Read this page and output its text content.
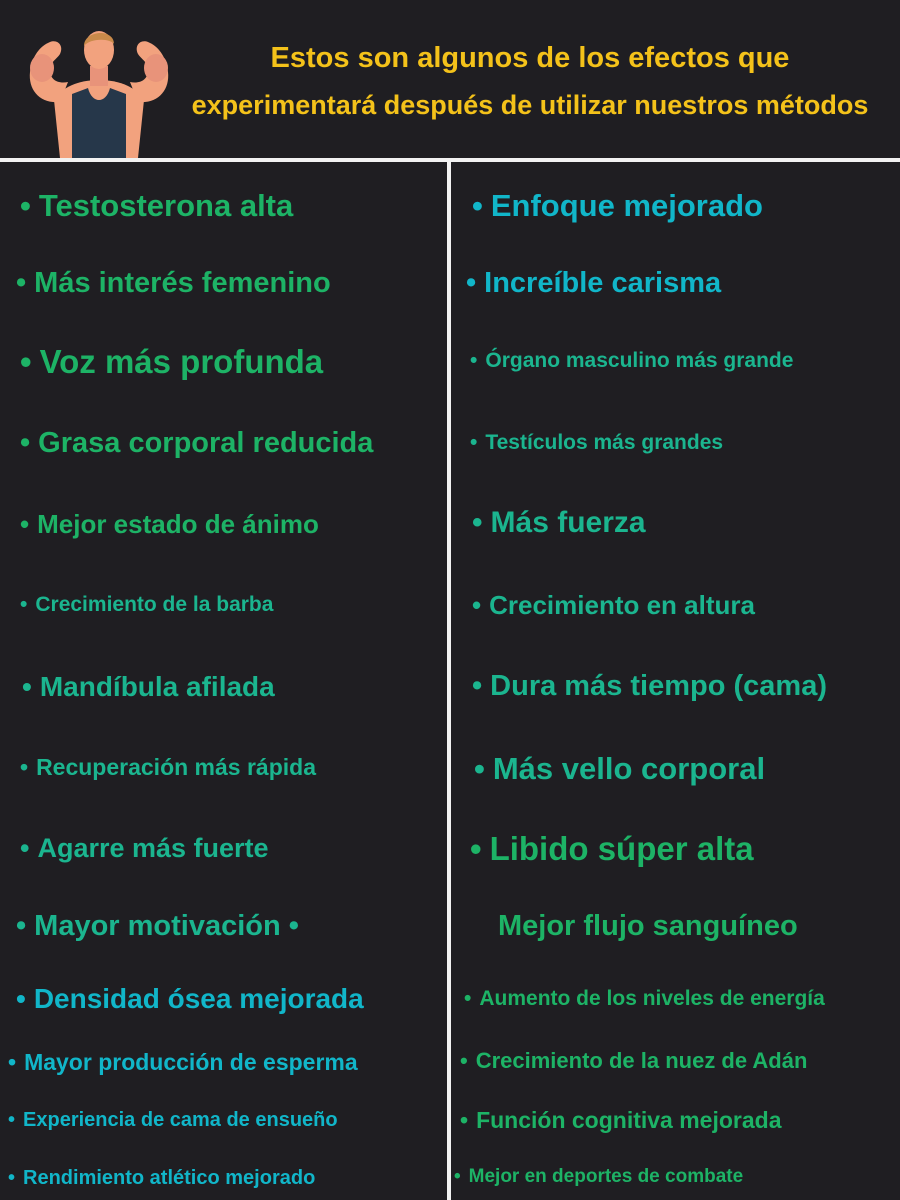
Estos son algunos de los efectos que
experimentará después de utilizar nuestros métodos
• Testosterona alta
• Más interés femenino
• Voz más profunda
• Grasa corporal reducida
• Mejor estado de ánimo
• Crecimiento de la barba
• Mandíbula afilada
• Recuperación más rápida
• Agarre más fuerte
• Mayor motivación •
• Densidad ósea mejorada
• Mayor producción de esperma
• Experiencia de cama de ensueño
• Rendimiento atlético mejorado
• Enfoque mejorado
• Increíble carisma
• Órgano masculino más grande
• Testículos más grandes
• Más fuerza
• Crecimiento en altura
• Dura más tiempo (cama)
• Más vello corporal
• Libido súper alta
Mejor flujo sanguíneo
• Aumento de los niveles de energía
• Crecimiento de la nuez de Adán
• Función cognitiva mejorada
• Mejor en deportes de combate
